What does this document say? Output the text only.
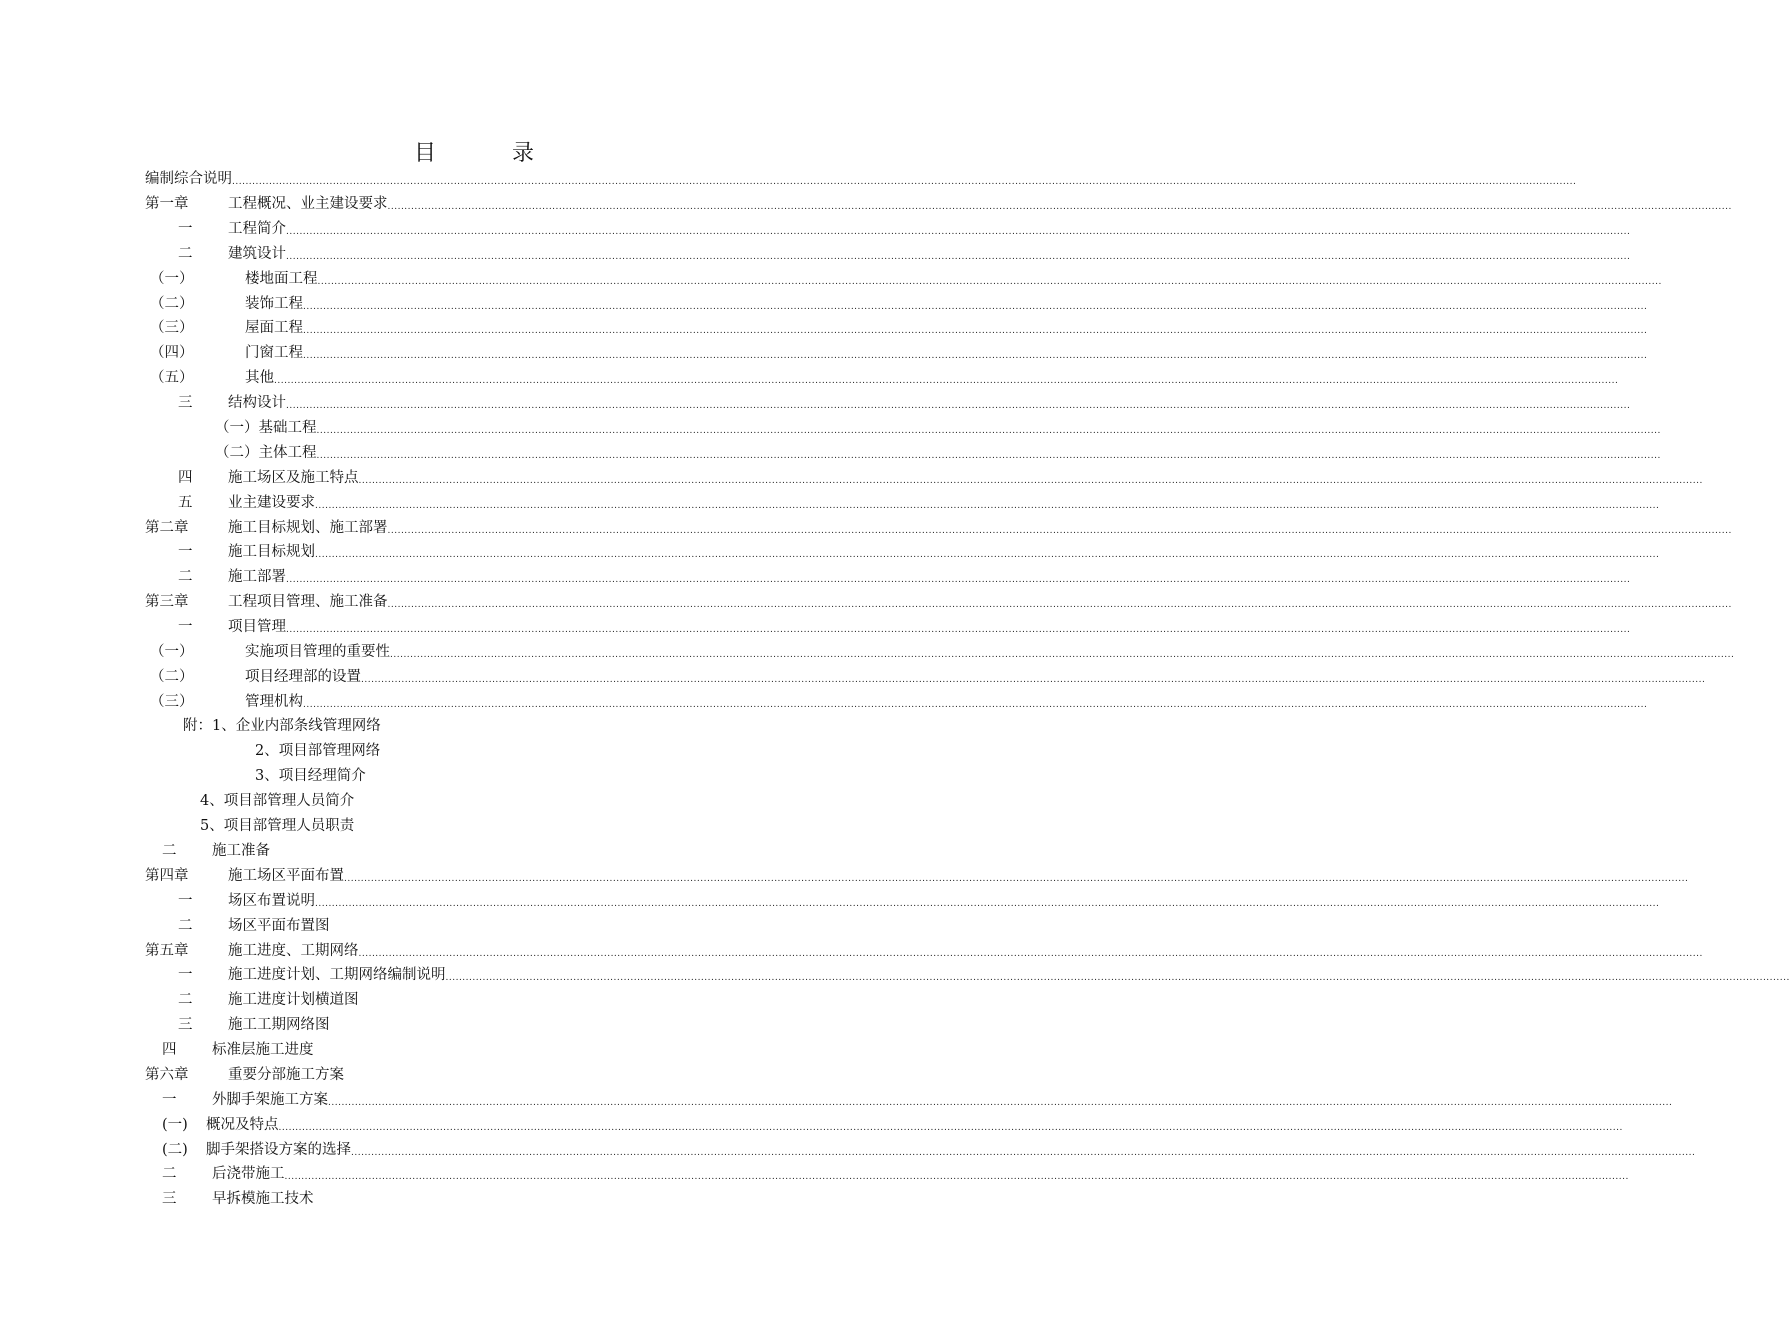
目	录
编制综合说明 ................................................................................................................................................................................................................................................................................................................................................................................................................
第一章	工程概况、业主建设要求 ................................................................................................................................................................................................................................................................................................................................................................................................................
一 工程简介 ................................................................................................................................................................................................................................................................................................................................................................................................................
二 建筑设计 ................................................................................................................................................................................................................................................................................................................................................................................................................
（一）	楼地面工程 ................................................................................................................................................................................................................................................................................................................................................................................................................
（二）	装饰工程 ................................................................................................................................................................................................................................................................................................................................................................................................................
（三）	屋面工程 ................................................................................................................................................................................................................................................................................................................................................................................................................
（四）	门窗工程 ................................................................................................................................................................................................................................................................................................................................................................................................................
（五）	其他 ................................................................................................................................................................................................................................................................................................................................................................................................................
三 结构设计 ................................................................................................................................................................................................................................................................................................................................................................................................................
（一）基础工程 ................................................................................................................................................................................................................................................................................................................................................................................................................
（二）主体工程 ................................................................................................................................................................................................................................................................................................................................................................................................................
四 施工场区及施工特点 ................................................................................................................................................................................................................................................................................................................................................................................................................
五 业主建设要求 ................................................................................................................................................................................................................................................................................................................................................................................................................
第二章	施工目标规划、施工部署 ................................................................................................................................................................................................................................................................................................................................................................................................................
一 施工目标规划 ................................................................................................................................................................................................................................................................................................................................................................................................................
二 施工部署 ................................................................................................................................................................................................................................................................................................................................................................................................................
第三章	工程项目管理、施工准备 ................................................................................................................................................................................................................................................................................................................................................................................................................
一 项目管理 ................................................................................................................................................................................................................................................................................................................................................................................................................
（一）	实施项目管理的重要性 ................................................................................................................................................................................................................................................................................................................................................................................................................
（二）	项目经理部的设置 ................................................................................................................................................................................................................................................................................................................................................................................................................
（三）	管理机构 ................................................................................................................................................................................................................................................................................................................................................................................................................
附：1、企业内部条线管理网络
2、项目部管理网络
3、项目经理简介
4、项目部管理人员简介
5、项目部管理人员职责
二 施工准备
第四章	施工场区平面布置 ................................................................................................................................................................................................................................................................................................................................................................................................................
一 场区布置说明 ................................................................................................................................................................................................................................................................................................................................................................................................................
二 场区平面布置图
第五章	施工进度、工期网络 ................................................................................................................................................................................................................................................................................................................................................................................................................
一 施工进度计划、工期网络编制说明 ................................................................................................................................................................................................................................................................................................................................................................................................................
二 施工进度计划横道图
三 施工工期网络图
四 标准层施工进度
第六章	重要分部施工方案
一 外脚手架施工方案 ................................................................................................................................................................................................................................................................................................................................................................................................................
(一) 概况及特点 ................................................................................................................................................................................................................................................................................................................................................................................................................
(二) 脚手架搭设方案的选择 ................................................................................................................................................................................................................................................................................................................................................................................................................
二 后浇带施工 ................................................................................................................................................................................................................................................................................................................................................................................................................
三 早拆模施工技术
